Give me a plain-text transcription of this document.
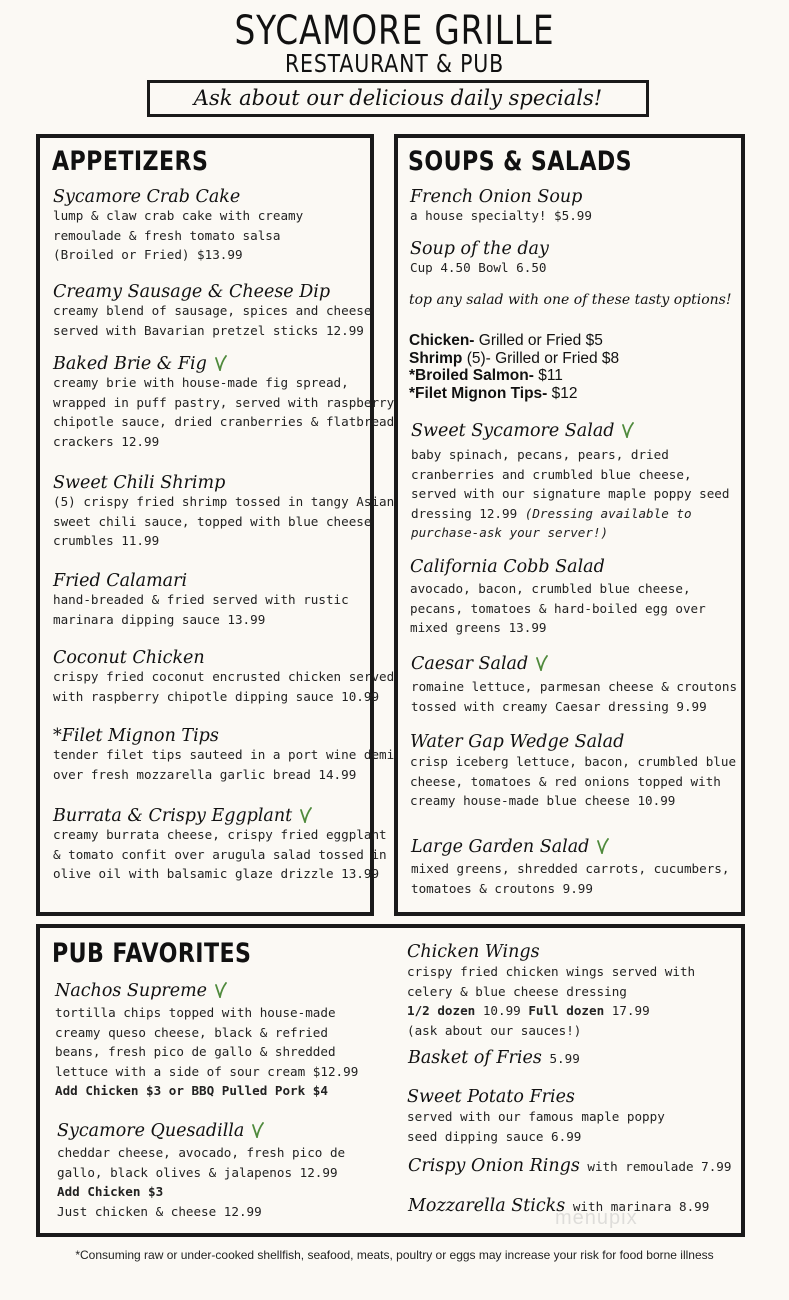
SYCAMORE GRILLE
RESTAURANT & PUB
Ask about our delicious daily specials!
APPETIZERS
Sycamore Crab Cake
lump & claw crab cake with creamy
remoulade & fresh tomato salsa
(Broiled or Fried) $13.99
Creamy Sausage & Cheese Dip
creamy blend of sausage, spices and cheese
served with Bavarian pretzel sticks 12.99
Baked Brie & Fig
creamy brie with house-made fig spread,
wrapped in puff pastry, served with raspberry
chipotle sauce, dried cranberries & flatbread
crackers 12.99
Sweet Chili Shrimp
(5) crispy fried shrimp tossed in tangy Asian
sweet chili sauce, topped with blue cheese
crumbles 11.99
Fried Calamari
hand-breaded & fried served with rustic
marinara dipping sauce 13.99
Coconut Chicken
crispy fried coconut encrusted chicken served
with raspberry chipotle dipping sauce 10.99
*Filet Mignon Tips
tender filet tips sauteed in a port wine demi
over fresh mozzarella garlic bread 14.99
Burrata & Crispy Eggplant
creamy burrata cheese, crispy fried eggplant
& tomato confit over arugula salad tossed in
olive oil with balsamic glaze drizzle 13.99
SOUPS & SALADS
French Onion Soup
a house specialty! $5.99
Soup of the day
Cup 4.50 Bowl 6.50
top any salad with one of these tasty options!
Chicken- Grilled or Fried $5
Shrimp (5)- Grilled or Fried $8
*Broiled Salmon- $11
*Filet Mignon Tips- $12
Sweet Sycamore Salad
baby spinach, pecans, pears, dried
cranberries and crumbled blue cheese,
served with our signature maple poppy seed
dressing 12.99 (Dressing available to
purchase-ask your server!)
California Cobb Salad
avocado, bacon, crumbled blue cheese,
pecans, tomatoes & hard-boiled egg over
mixed greens 13.99
Caesar Salad
romaine lettuce, parmesan cheese & croutons
tossed with creamy Caesar dressing 9.99
Water Gap Wedge Salad
crisp iceberg lettuce, bacon, crumbled blue
cheese, tomatoes & red onions topped with
creamy house-made blue cheese 10.99
Large Garden Salad
mixed greens, shredded carrots, cucumbers,
tomatoes & croutons 9.99
PUB FAVORITES
Nachos Supreme
tortilla chips topped with house-made
creamy queso cheese, black & refried
beans, fresh pico de gallo & shredded
lettuce with a side of sour cream $12.99
Add Chicken $3 or BBQ Pulled Pork $4
Sycamore Quesadilla
cheddar cheese, avocado, fresh pico de
gallo, black olives & jalapenos 12.99
Add Chicken $3
Just chicken & cheese 12.99
Chicken Wings
crispy fried chicken wings served with
celery & blue cheese dressing
1/2 dozen 10.99 Full dozen 17.99
(ask about our sauces!)
Basket of Fries 5.99
Sweet Potato Fries
served with our famous maple poppy
seed dipping sauce 6.99
Crispy Onion Rings with remoulade 7.99
Mozzarella Sticks with marinara 8.99
menupix
*Consuming raw or under-cooked shellfish, seafood, meats, poultry or eggs may increase your risk for food borne illness
